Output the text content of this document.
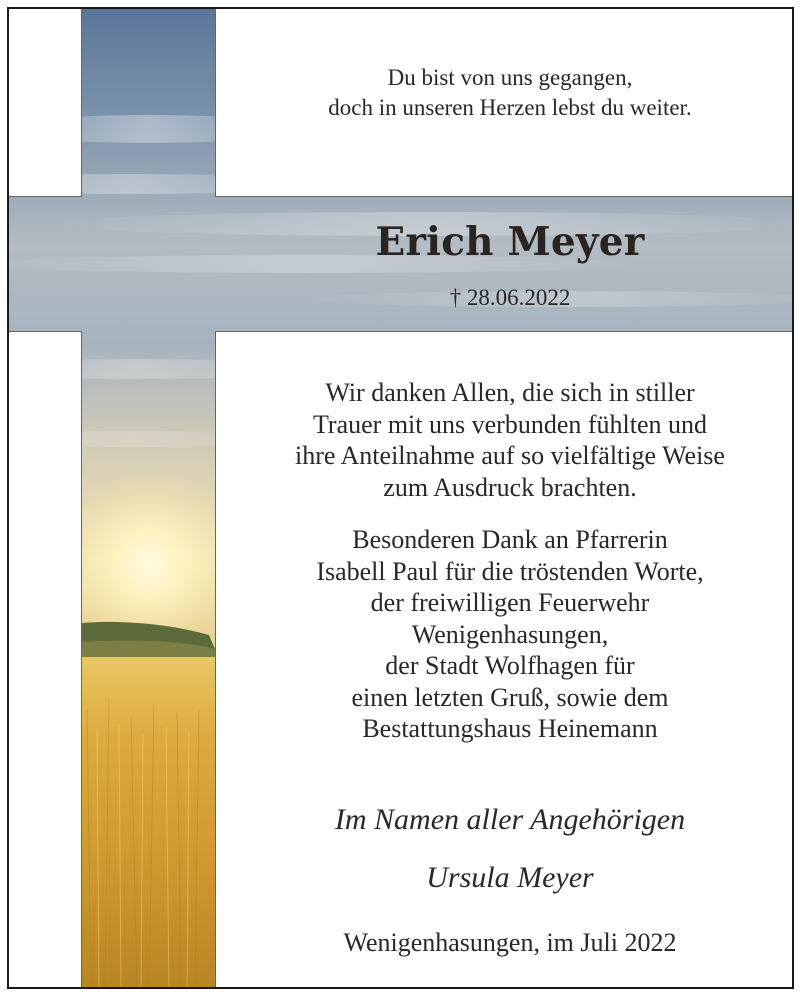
Du bist von uns gegangen,
doch in unseren Herzen lebst du weiter.

Erich Meyer

† 28.06.2022

Wir danken Allen, die sich in stiller
Trauer mit uns verbunden fühlten und
ihre Anteilnahme auf so vielfältige Weise
zum Ausdruck brachten.

Besonderen Dank an Pfarrerin
Isabell Paul für die tröstenden Worte,
der freiwilligen Feuerwehr
Wenigenhasungen,
der Stadt Wolfhagen für
einen letzten Gruß, sowie dem
Bestattungshaus Heinemann

Im Namen aller Angehörigen

Ursula Meyer

Wenigenhasungen, im Juli 2022
